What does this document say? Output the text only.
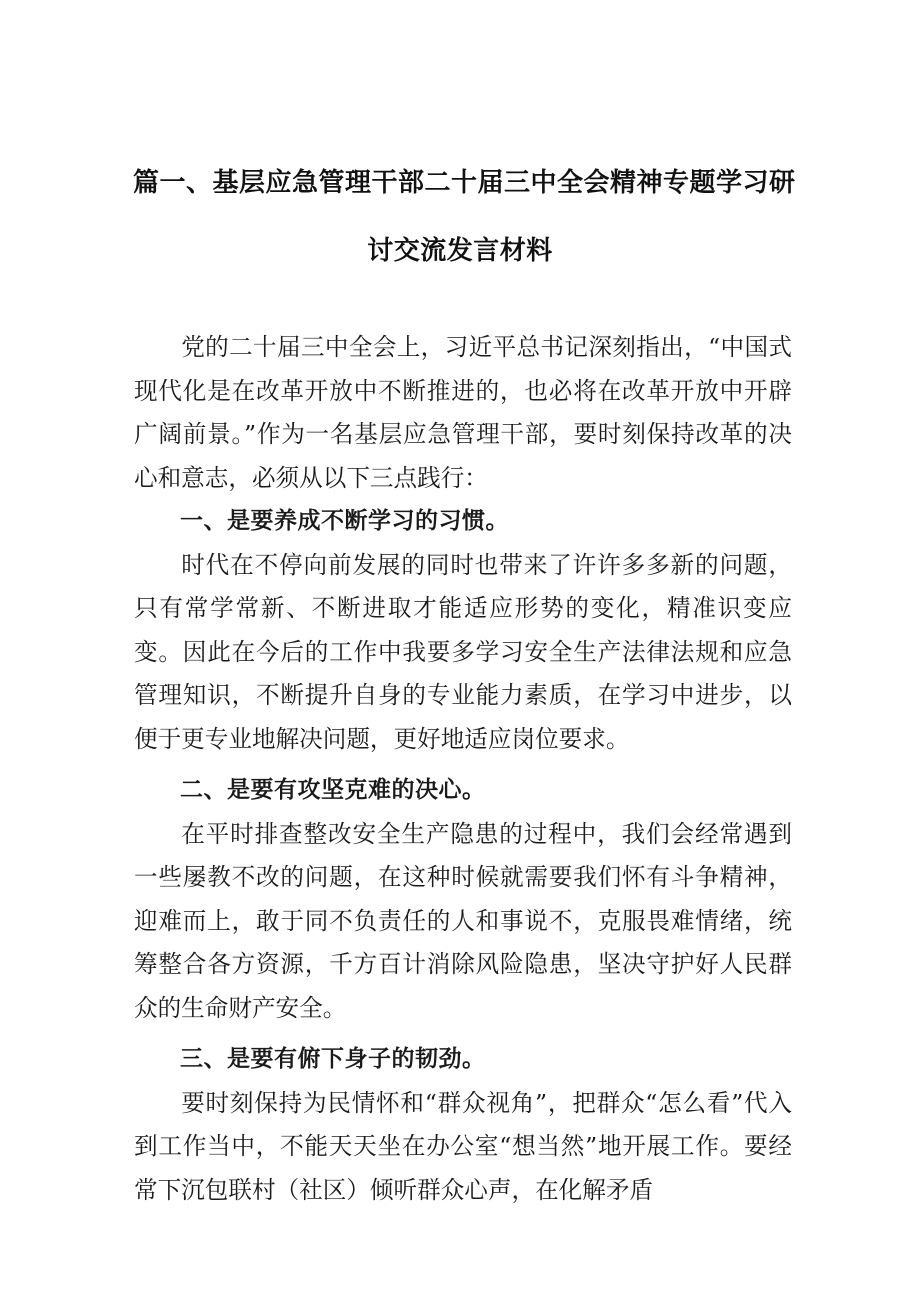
篇一、基层应急管理干部二十届三中全会精神专题学习研
讨交流发言材料

党的二十届三中全会上，习近平总书记深刻指出，“中国式现代化是在改革开放中不断推进的，也必将在改革开放中开辟广阔前景。”作为一名基层应急管理干部，要时刻保持改革的决心和意志，必须从以下三点践行：

一、是要养成不断学习的习惯。

时代在不停向前发展的同时也带来了许许多多新的问题，只有常学常新、不断进取才能适应形势的变化，精准识变应变。因此在今后的工作中我要多学习安全生产法律法规和应急管理知识，不断提升自身的专业能力素质，在学习中进步，以便于更专业地解决问题，更好地适应岗位要求。

二、是要有攻坚克难的决心。

在平时排查整改安全生产隐患的过程中，我们会经常遇到一些屡教不改的问题，在这种时候就需要我们怀有斗争精神，迎难而上，敢于同不负责任的人和事说不，克服畏难情绪，统筹整合各方资源，千方百计消除风险隐患，坚决守护好人民群众的生命财产安全。

三、是要有俯下身子的韧劲。

要时刻保持为民情怀和“群众视角”，把群众“怎么看”代入到工作当中，不能天天坐在办公室“想当然”地开展工作。要经常下沉包联村（社区）倾听群众心声，在化解矛盾
